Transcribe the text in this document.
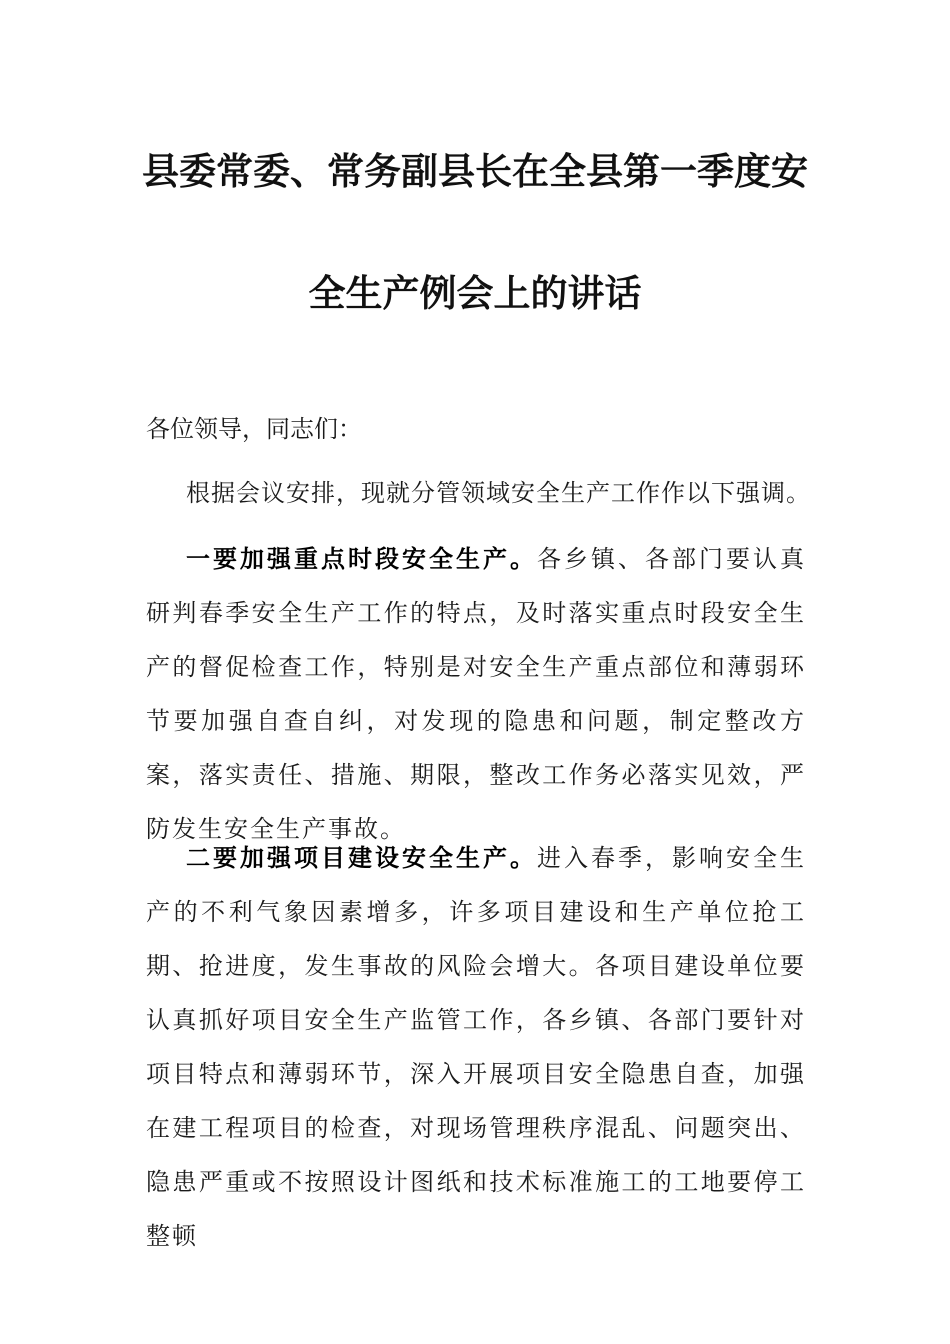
县委常委、常务副县长在全县第一季度安
全生产例会上的讲话
各位领导，同志们：

根据会议安排，现就分管领域安全生产工作作以下强调。

一要加强重点时段安全生产。各乡镇、各部门要认真研判春季安全生产工作的特点，及时落实重点时段安全生产的督促检查工作，特别是对安全生产重点部位和薄弱环节要加强自查自纠，对发现的隐患和问题，制定整改方案，落实责任、措施、期限，整改工作务必落实见效，严防发生安全生产事故。

二要加强项目建设安全生产。进入春季，影响安全生产的不利气象因素增多，许多项目建设和生产单位抢工期、抢进度，发生事故的风险会增大。各项目建设单位要认真抓好项目安全生产监管工作，各乡镇、各部门要针对项目特点和薄弱环节，深入开展项目安全隐患自查，加强在建工程项目的检查，对现场管理秩序混乱、问题突出、隐患严重或不按照设计图纸和技术标准施工的工地要停工整顿
